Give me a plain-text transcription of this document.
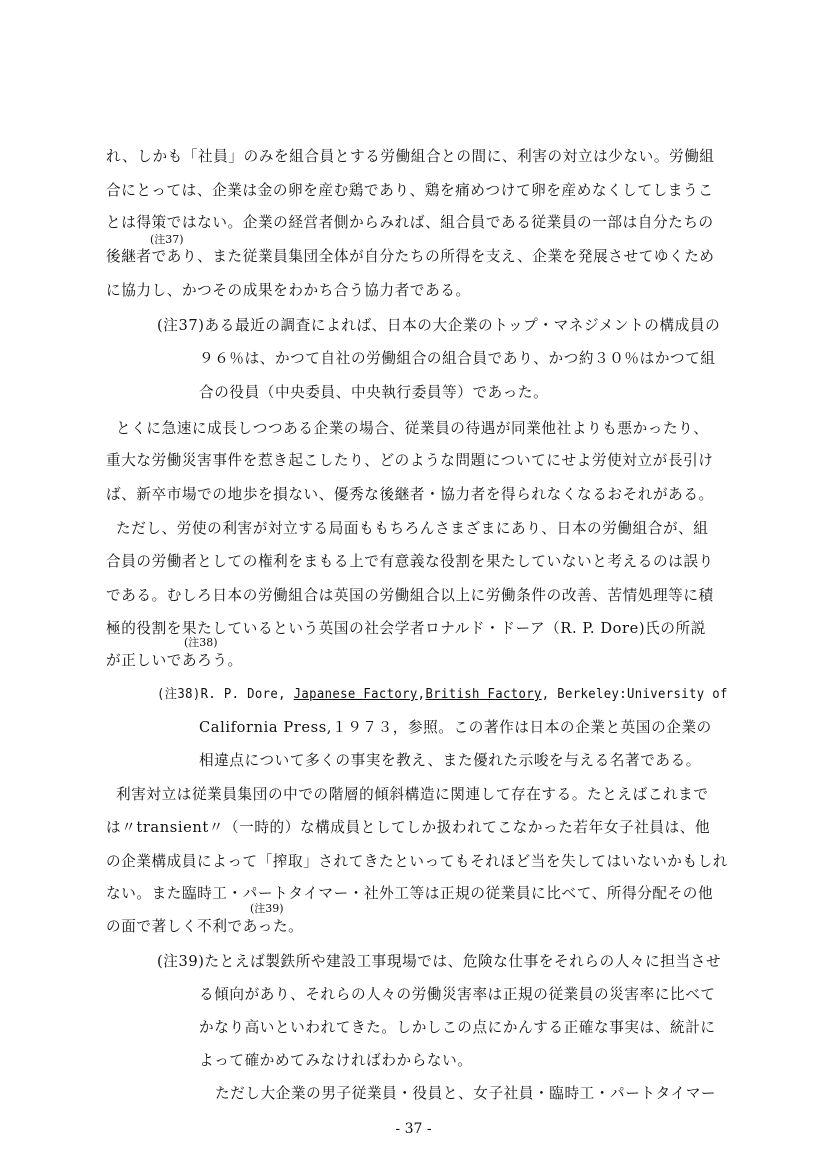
れ、しかも「社員」のみを組合員とする労働組合との間に、利害の対立は少ない。労働組
合にとっては、企業は金の卵を産む鶏であり、鶏を痛めつけて卵を産めなくしてしまうこ
とは得策ではない。企業の経営者側からみれば、組合員である従業員の一部は自分たちの
(注37)
後継者であり、また従業員集団全体が自分たちの所得を支え、企業を発展させてゆくため
に協力し、かつその成果をわかち合う協力者である。
(注37)ある最近の調査によれば、日本の大企業のトップ・マネジメントの構成員の
９６％は、かつて自社の労働組合の組合員であり、かつ約３０％はかつて組
合の役員（中央委員、中央執行委員等）であった。
とくに急速に成長しつつある企業の場合、従業員の待遇が同業他社よりも悪かったり、
重大な労働災害事件を惹き起こしたり、どのような問題についてにせよ労使対立が長引け
ば、新卒市場での地歩を損ない、優秀な後継者・協力者を得られなくなるおそれがある。
ただし、労使の利害が対立する局面ももちろんさまざまにあり、日本の労働組合が、組
合員の労働者としての権利をまもる上で有意義な役割を果たしていないと考えるのは誤り
である。むしろ日本の労働組合は英国の労働組合以上に労働条件の改善、苦情処理等に積
極的役割を果たしているという英国の社会学者ロナルド・ドーア（R. P. Dore)氏の所説
(注38)
が正しいであろう。
(注38)R. P. Dore, Japanese Factory,British Factory, Berkeley:University of
California Press,１９７３，参照。この著作は日本の企業と英国の企業の
相違点について多くの事実を教え、また優れた示唆を与える名著である。
利害対立は従業員集団の中での階層的傾斜構造に関連して存在する。たとえばこれまで
は〃transient〃（一時的）な構成員としてしか扱われてこなかった若年女子社員は、他
の企業構成員によって「搾取」されてきたといってもそれほど当を失してはいないかもしれ
ない。また臨時工・パートタイマー・社外工等は正規の従業員に比べて、所得分配その他
(注39)
の面で著しく不利であった。
(注39)たとえば製鉄所や建設工事現場では、危険な仕事をそれらの人々に担当させ
る傾向があり、それらの人々の労働災害率は正規の従業員の災害率に比べて
かなり高いといわれてきた。しかしこの点にかんする正確な事実は、統計に
よって確かめてみなければわからない。
ただし大企業の男子従業員・役員と、女子社員・臨時工・パートタイマー
- 37 -
